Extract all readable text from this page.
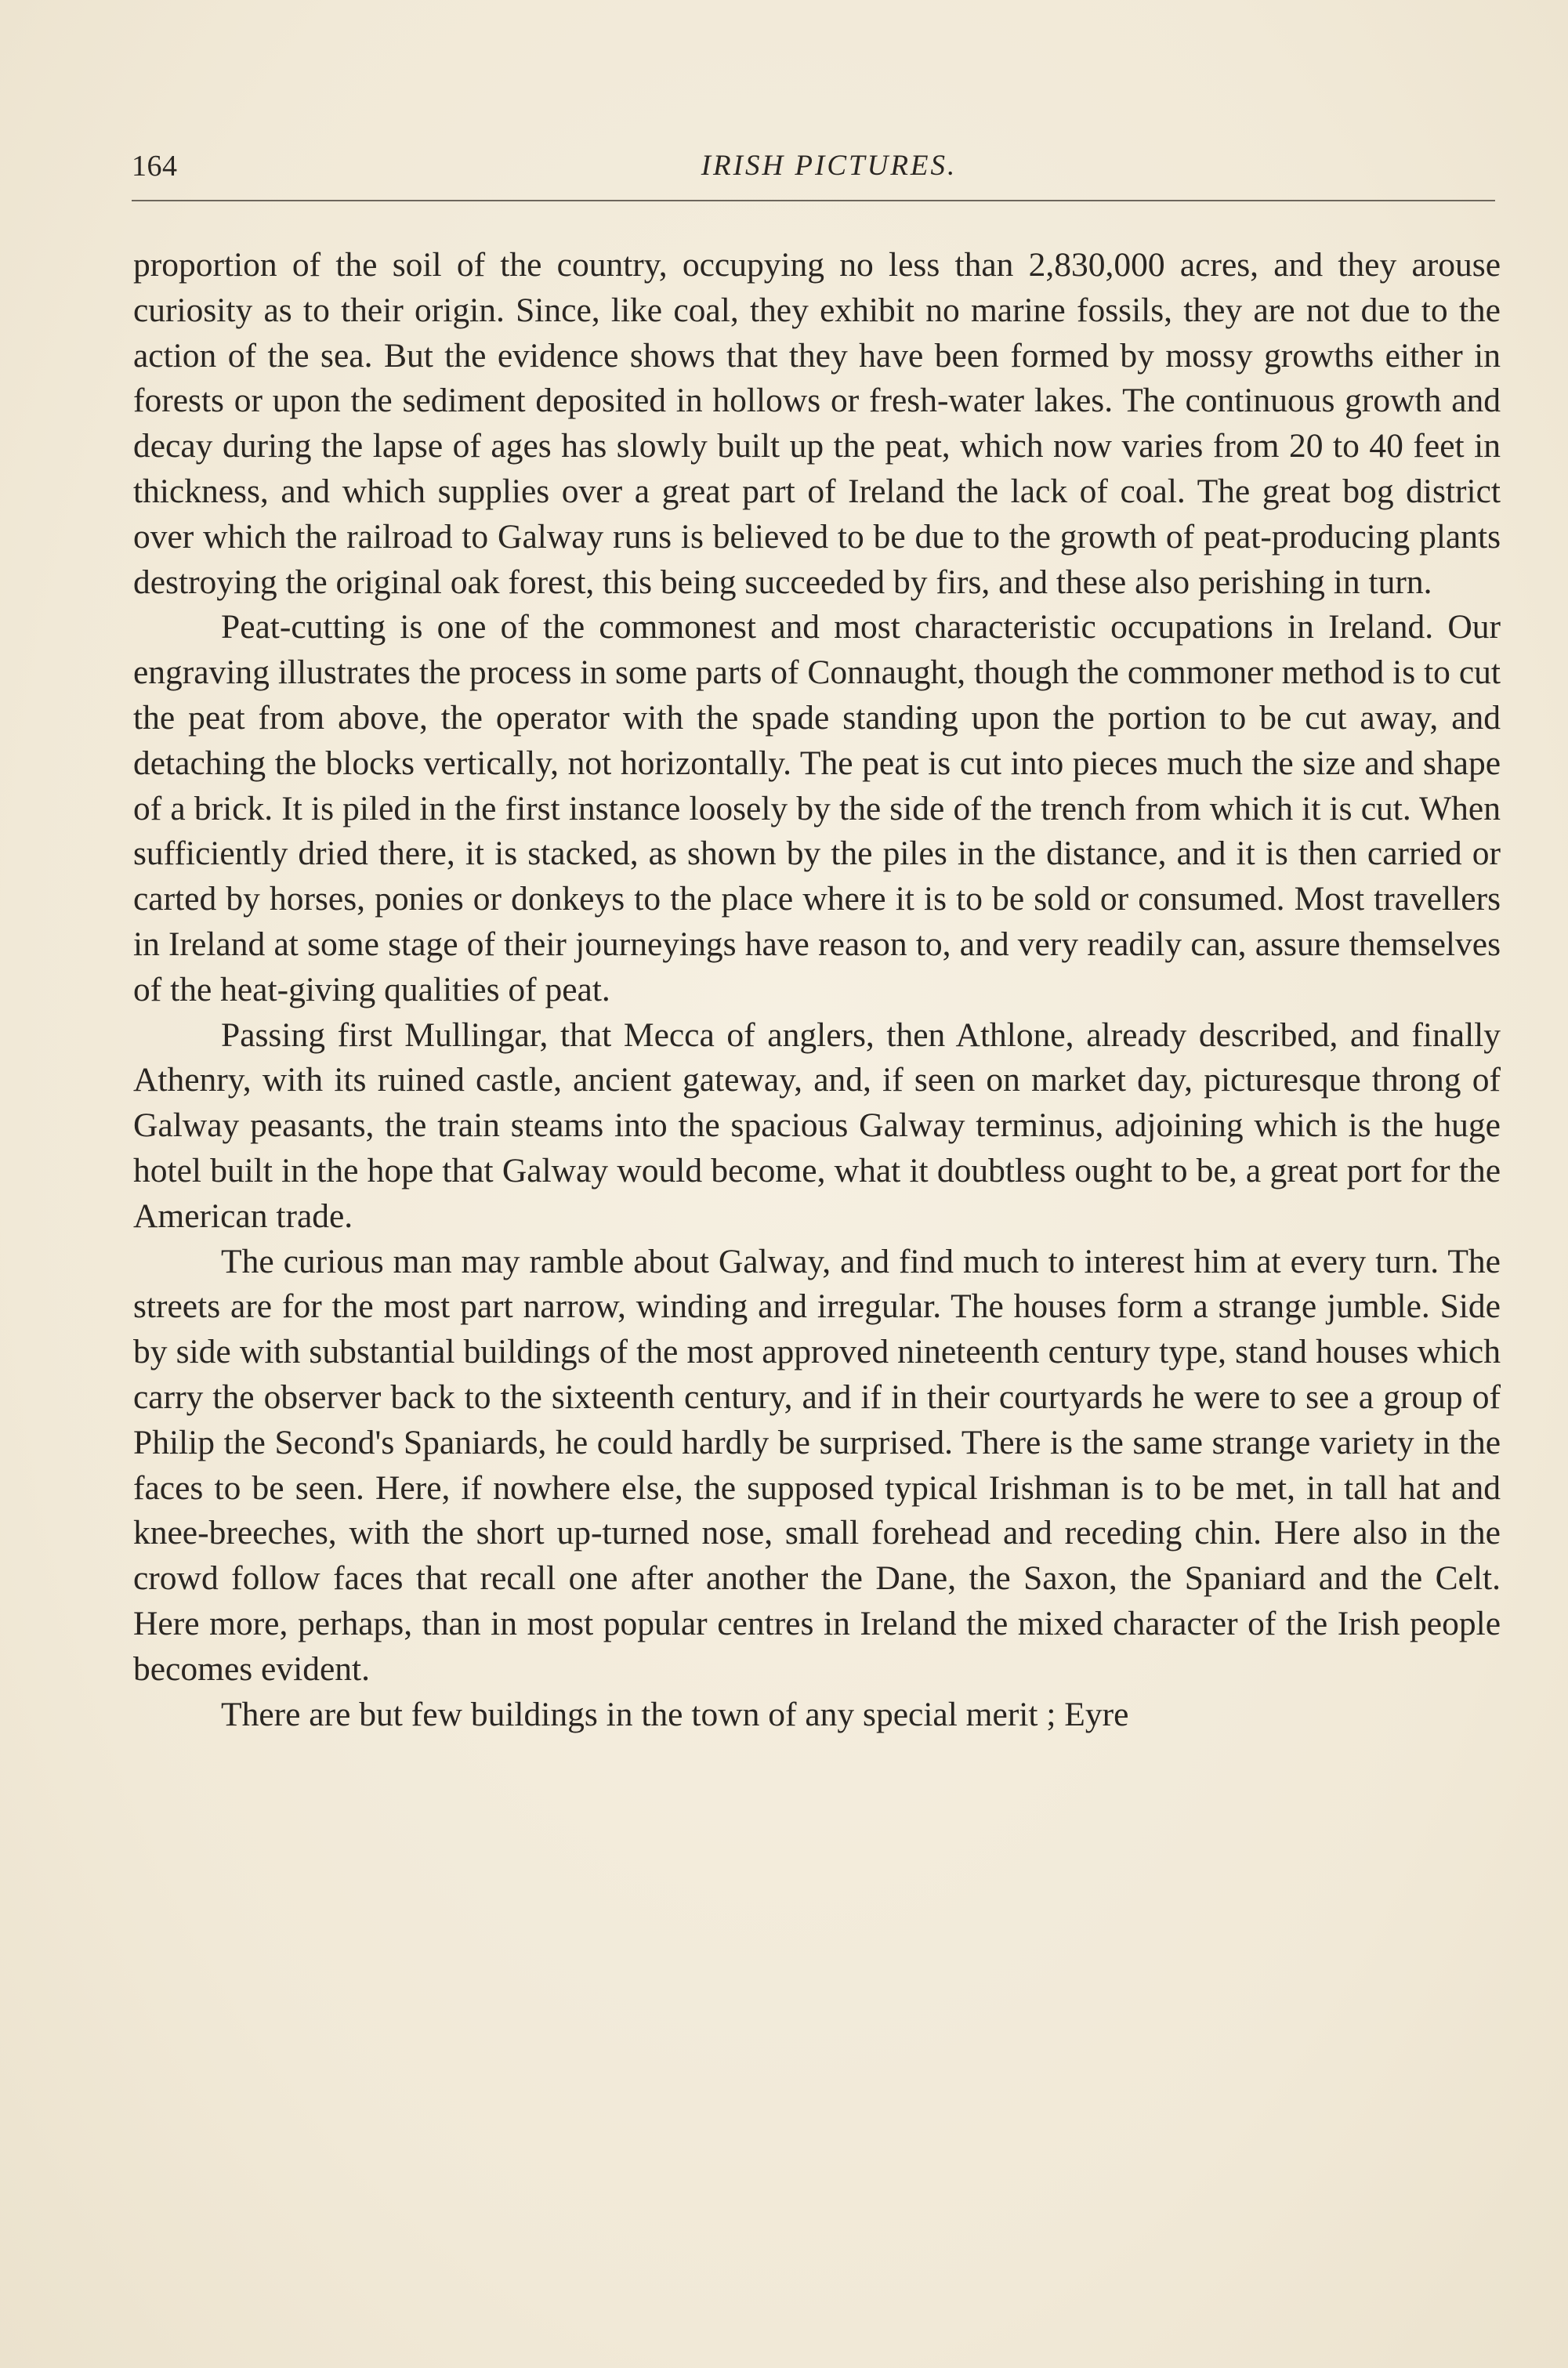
164	IRISH PICTURES.

proportion of the soil of the country, occupying no less than 2,830,000 acres, and they arouse curiosity as to their origin. Since, like coal, they exhibit no marine fossils, they are not due to the action of the sea. But the evidence shows that they have been formed by mossy growths either in forests or upon the sediment deposited in hollows or fresh-water lakes. The continuous growth and decay during the lapse of ages has slowly built up the peat, which now varies from 20 to 40 feet in thickness, and which supplies over a great part of Ireland the lack of coal. The great bog district over which the railroad to Galway runs is believed to be due to the growth of peat-producing plants destroying the original oak forest, this being succeeded by firs, and these also perishing in turn.

Peat-cutting is one of the commonest and most characteristic occupations in Ireland. Our engraving illustrates the process in some parts of Connaught, though the commoner method is to cut the peat from above, the operator with the spade standing upon the portion to be cut away, and detaching the blocks vertically, not horizontally. The peat is cut into pieces much the size and shape of a brick. It is piled in the first instance loosely by the side of the trench from which it is cut. When sufficiently dried there, it is stacked, as shown by the piles in the distance, and it is then carried or carted by horses, ponies or donkeys to the place where it is to be sold or consumed. Most travellers in Ireland at some stage of their journeyings have reason to, and very readily can, assure themselves of the heat-giving qualities of peat.

Passing first Mullingar, that Mecca of anglers, then Athlone, already described, and finally Athenry, with its ruined castle, ancient gateway, and, if seen on market day, picturesque throng of Galway peasants, the train steams into the spacious Galway terminus, adjoining which is the huge hotel built in the hope that Galway would become, what it doubtless ought to be, a great port for the American trade.

The curious man may ramble about Galway, and find much to interest him at every turn. The streets are for the most part narrow, winding and irregular. The houses form a strange jumble. Side by side with substantial buildings of the most approved nineteenth century type, stand houses which carry the observer back to the sixteenth century, and if in their courtyards he were to see a group of Philip the Second's Spaniards, he could hardly be surprised. There is the same strange variety in the faces to be seen. Here, if nowhere else, the supposed typical Irishman is to be met, in tall hat and knee-breeches, with the short up-turned nose, small forehead and receding chin. Here also in the crowd follow faces that recall one after another the Dane, the Saxon, the Spaniard and the Celt. Here more, perhaps, than in most popular centres in Ireland the mixed character of the Irish people becomes evident.

There are but few buildings in the town of any special merit ; Eyre
